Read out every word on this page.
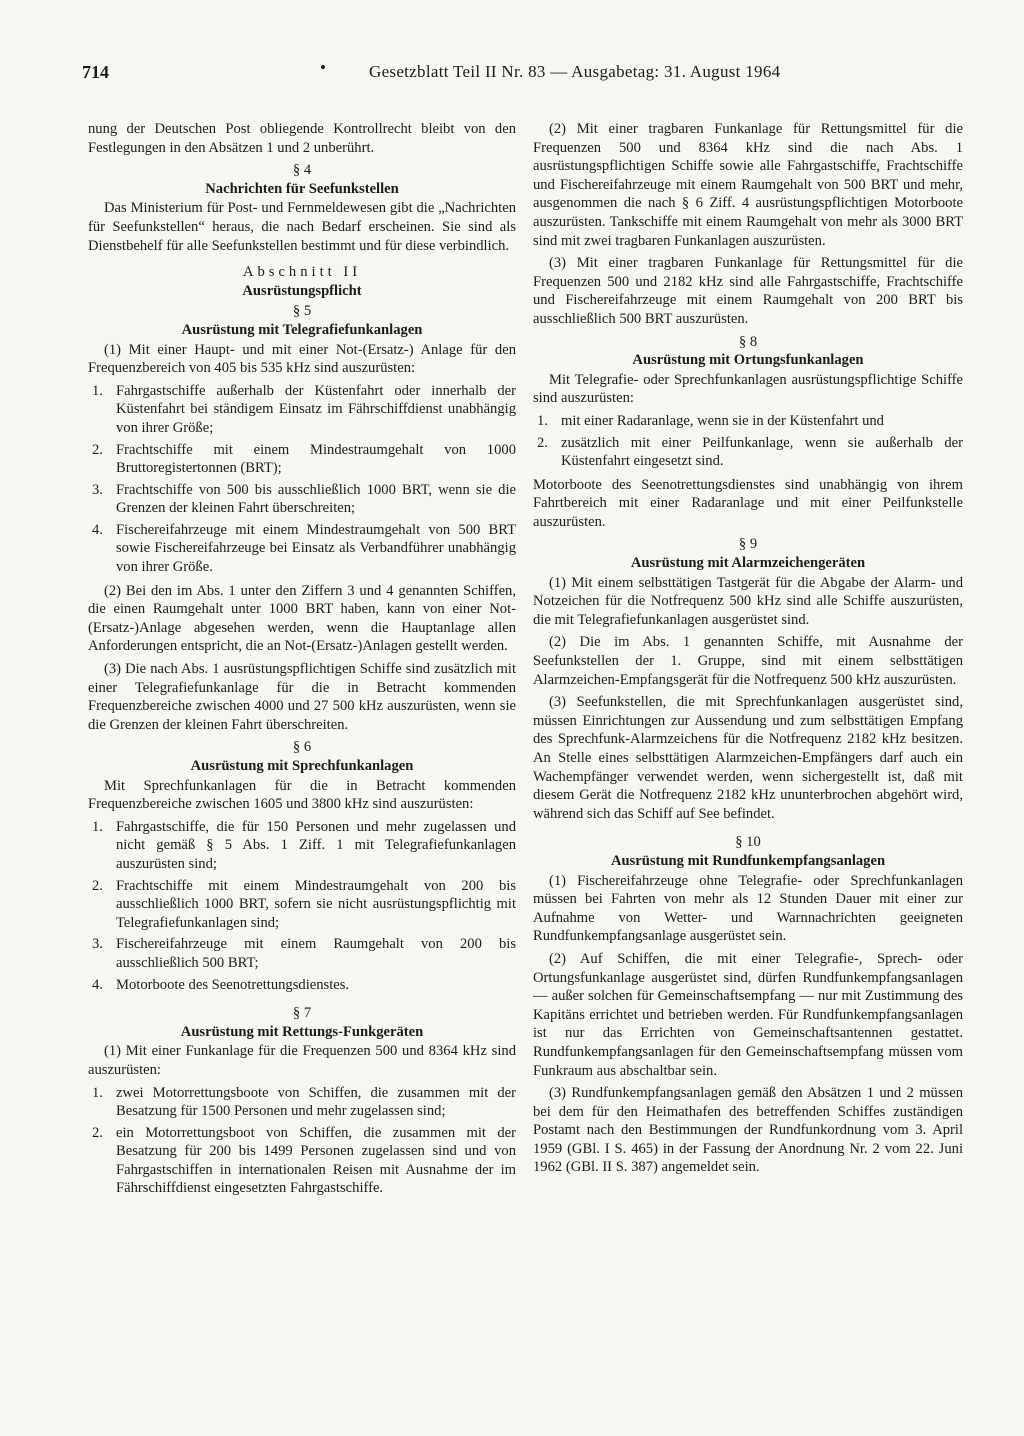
714	•	Gesetzblatt Teil II Nr. 83 — Ausgabetag: 31. August 1964

nung der Deutschen Post obliegende Kontrollrecht bleibt von den Festlegungen in den Absätzen 1 und 2 unberührt.

§ 4
Nachrichten für Seefunkstellen

Das Ministerium für Post- und Fernmeldewesen gibt die „Nachrichten für Seefunkstellen“ heraus, die nach Bedarf erscheinen. Sie sind als Dienstbehelf für alle Seefunkstellen bestimmt und für diese verbindlich.

Abschnitt II
Ausrüstungspflicht
§ 5
Ausrüstung mit Telegrafiefunkanlagen

(1) Mit einer Haupt- und mit einer Not-(Ersatz-) Anlage für den Frequenzbereich von 405 bis 535 kHz sind auszurüsten:

1. Fahrgastschiffe außerhalb der Küstenfahrt oder innerhalb der Küstenfahrt bei ständigem Einsatz im Fährschiffdienst unabhängig von ihrer Größe;
2. Frachtschiffe mit einem Mindestraumgehalt von 1000 Bruttoregistertonnen (BRT);
3. Frachtschiffe von 500 bis ausschließlich 1000 BRT, wenn sie die Grenzen der kleinen Fahrt überschreiten;
4. Fischereifahrzeuge mit einem Mindestraumgehalt von 500 BRT sowie Fischereifahrzeuge bei Einsatz als Verbandführer unabhängig von ihrer Größe.

(2) Bei den im Abs. 1 unter den Ziffern 3 und 4 genannten Schiffen, die einen Raumgehalt unter 1000 BRT haben, kann von einer Not-(Ersatz-)Anlage abgesehen werden, wenn die Hauptanlage allen Anforderungen entspricht, die an Not-(Ersatz-)Anlagen gestellt werden.

(3) Die nach Abs. 1 ausrüstungspflichtigen Schiffe sind zusätzlich mit einer Telegrafiefunkanlage für die in Betracht kommenden Frequenzbereiche zwischen 4000 und 27 500 kHz auszurüsten, wenn sie die Grenzen der kleinen Fahrt überschreiten.

§ 6
Ausrüstung mit Sprechfunkanlagen

Mit Sprechfunkanlagen für die in Betracht kommenden Frequenzbereiche zwischen 1605 und 3800 kHz sind auszurüsten:

1. Fahrgastschiffe, die für 150 Personen und mehr zugelassen und nicht gemäß § 5 Abs. 1 Ziff. 1 mit Telegrafiefunkanlagen auszurüsten sind;
2. Frachtschiffe mit einem Mindestraumgehalt von 200 bis ausschließlich 1000 BRT, sofern sie nicht ausrüstungspflichtig mit Telegrafiefunkanlagen sind;
3. Fischereifahrzeuge mit einem Raumgehalt von 200 bis ausschließlich 500 BRT;
4. Motorboote des Seenotrettungsdienstes.
§ 7
Ausrüstung mit Rettungs-Funkgeräten

(1) Mit einer Funkanlage für die Frequenzen 500 und 8364 kHz sind auszurüsten:

1. zwei Motorrettungsboote von Schiffen, die zusammen mit der Besatzung für 1500 Personen und mehr zugelassen sind;
2. ein Motorrettungsboot von Schiffen, die zusammen mit der Besatzung für 200 bis 1499 Personen zugelassen sind und von Fahrgastschiffen in internationalen Reisen mit Ausnahme der im Fährschiffdienst eingesetzten Fahrgastschiffe.

(2) Mit einer tragbaren Funkanlage für Rettungsmittel für die Frequenzen 500 und 8364 kHz sind die nach Abs. 1 ausrüstungspflichtigen Schiffe sowie alle Fahrgastschiffe, Frachtschiffe und Fischereifahrzeuge mit einem Raumgehalt von 500 BRT und mehr, ausgenommen die nach § 6 Ziff. 4 ausrüstungspflichtigen Motorboote auszurüsten. Tankschiffe mit einem Raumgehalt von mehr als 3000 BRT sind mit zwei tragbaren Funkanlagen auszurüsten.

(3) Mit einer tragbaren Funkanlage für Rettungsmittel für die Frequenzen 500 und 2182 kHz sind alle Fahrgastschiffe, Frachtschiffe und Fischereifahrzeuge mit einem Raumgehalt von 200 BRT bis ausschließlich 500 BRT auszurüsten.

§ 8
Ausrüstung mit Ortungsfunkanlagen

Mit Telegrafie- oder Sprechfunkanlagen ausrüstungspflichtige Schiffe sind auszurüsten:

1. mit einer Radaranlage, wenn sie in der Küstenfahrt und
2. zusätzlich mit einer Peilfunkanlage, wenn sie außerhalb der Küstenfahrt eingesetzt sind.

Motorboote des Seenotrettungsdienstes sind unabhängig von ihrem Fahrtbereich mit einer Radaranlage und mit einer Peilfunkstelle auszurüsten.

§ 9
Ausrüstung mit Alarmzeichengeräten

(1) Mit einem selbsttätigen Tastgerät für die Abgabe der Alarm- und Notzeichen für die Notfrequenz 500 kHz sind alle Schiffe auszurüsten, die mit Telegrafiefunkanlagen ausgerüstet sind.

(2) Die im Abs. 1 genannten Schiffe, mit Ausnahme der Seefunkstellen der 1. Gruppe, sind mit einem selbsttätigen Alarmzeichen-Empfangsgerät für die Notfrequenz 500 kHz auszurüsten.

(3) Seefunkstellen, die mit Sprechfunkanlagen ausgerüstet sind, müssen Einrichtungen zur Aussendung und zum selbsttätigen Empfang des Sprechfunk-Alarmzeichens für die Notfrequenz 2182 kHz besitzen. An Stelle eines selbsttätigen Alarmzeichen-Empfängers darf auch ein Wachempfänger verwendet werden, wenn sichergestellt ist, daß mit diesem Gerät die Notfrequenz 2182 kHz ununterbrochen abgehört wird, während sich das Schiff auf See befindet.

§ 10
Ausrüstung mit Rundfunkempfangsanlagen

(1) Fischereifahrzeuge ohne Telegrafie- oder Sprechfunkanlagen müssen bei Fahrten von mehr als 12 Stunden Dauer mit einer zur Aufnahme von Wetter- und Warnnachrichten geeigneten Rundfunkempfangsanlage ausgerüstet sein.

(2) Auf Schiffen, die mit einer Telegrafie-, Sprech- oder Ortungsfunkanlage ausgerüstet sind, dürfen Rundfunkempfangsanlagen — außer solchen für Gemeinschaftsempfang — nur mit Zustimmung des Kapitäns errichtet und betrieben werden. Für Rundfunkempfangsanlagen ist nur das Errichten von Gemeinschaftsantennen gestattet. Rundfunkempfangsanlagen für den Gemeinschaftsempfang müssen vom Funkraum aus abschaltbar sein.

(3) Rundfunkempfangsanlagen gemäß den Absätzen 1 und 2 müssen bei dem für den Heimathafen des betreffenden Schiffes zuständigen Postamt nach den Bestimmungen der Rundfunkordnung vom 3. April 1959 (GBl. I S. 465) in der Fassung der Anordnung Nr. 2 vom 22. Juni 1962 (GBl. II S. 387) angemeldet sein.
